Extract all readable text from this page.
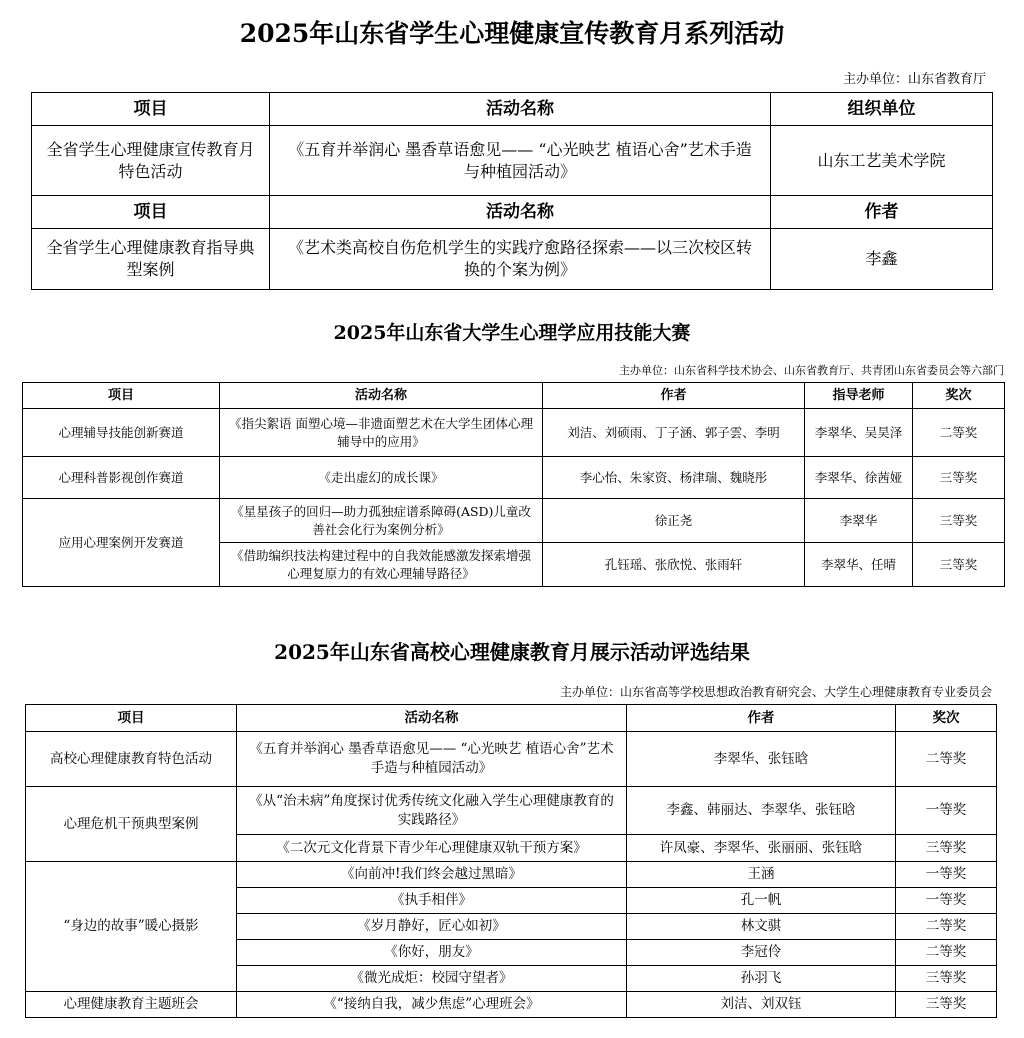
2025年山东省学生心理健康宣传教育月系列活动
主办单位：山东省教育厅
项目	活动名称	组织单位
全省学生心理健康宣传教育月特色活动	《五育并举润心 墨香草语愈见—— “心光映艺 植语心舍”艺术手造与种植园活动》	山东工艺美术学院
项目	活动名称	作者
全省学生心理健康教育指导典型案例	《艺术类高校自伤危机学生的实践疗愈路径探索——以三次校区转换的个案为例》	李鑫
2025年山东省大学生心理学应用技能大赛
主办单位：山东省科学技术协会、山东省教育厅、共青团山东省委员会等六部门
项目	活动名称	作者	指导老师	奖次
心理辅导技能创新赛道	《指尖絮语 面塑心境—非遗面塑艺术在大学生团体心理辅导中的应用》	刘洁、刘硕雨、丁子涵、郭子雲、李明	李翠华、吴昊泽	二等奖
心理科普影视创作赛道	《走出虚幻的成长课》	李心怡、朱家资、杨津瑞、魏晓彤	李翠华、徐茜娅	三等奖
应用心理案例开发赛道	《星星孩子的回归—助力孤独症谱系障碍(ASD)儿童改善社会化行为案例分析》	徐正尧	李翠华	三等奖
	《借助编织技法构建过程中的自我效能感激发探索增强心理复原力的有效心理辅导路径》	孔钰瑶、张欣悦、张雨轩	李翠华、任晴	三等奖
2025年山东省高校心理健康教育月展示活动评选结果
主办单位：山东省高等学校思想政治教育研究会、大学生心理健康教育专业委员会
项目	活动名称	作者	奖次
高校心理健康教育特色活动	《五育并举润心 墨香草语愈见—— “心光映艺 植语心舍”艺术手造与种植园活动》	李翠华、张钰晗	二等奖
心理危机干预典型案例	《从“治未病”角度探讨优秀传统文化融入学生心理健康教育的实践路径》	李鑫、韩丽达、李翠华、张钰晗	一等奖
	《二次元文化背景下青少年心理健康双轨干预方案》	许凤豪、李翠华、张丽丽、张钰晗	三等奖
“身边的故事”暖心摄影	《向前冲!我们终会越过黑暗》	王涵	一等奖
	《执手相伴》	孔一帆	一等奖
	《岁月静好，匠心如初》	林文骐	二等奖
	《你好，朋友》	李冠伶	二等奖
	《微光成炬：校园守望者》	孙羽飞	三等奖
心理健康教育主题班会	《“接纳自我，减少焦虑”心理班会》	刘洁、刘双钰	三等奖
